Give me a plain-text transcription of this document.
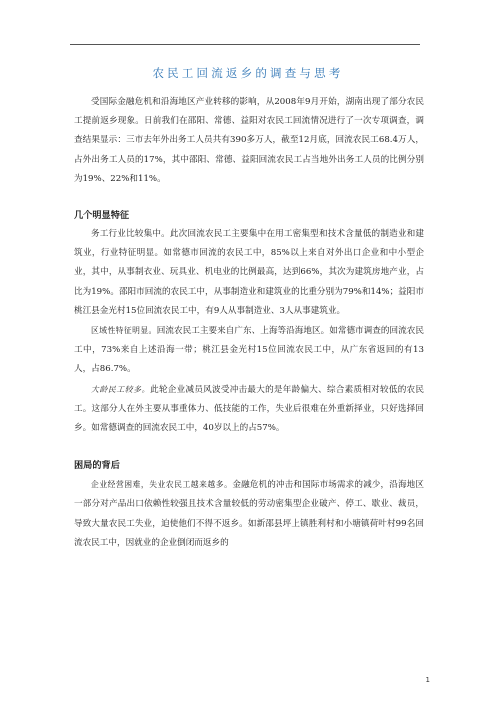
农民工回流返乡的调查与思考

受国际金融危机和沿海地区产业转移的影响，从2008年9月开始，湖南出现了部分农民工提前返乡现象。日前我们在邵阳、常德、益阳对农民工回流情况进行了一次专项调查，调查结果显示：三市去年外出务工人员共有390多万人，截至12月底，回流农民工68.4万人，占外出务工人员的17%，其中邵阳、常德、益阳回流农民工占当地外出务工人员的比例分别为19%、22%和11%。

几个明显特征

务工行业比较集中。此次回流农民工主要集中在用工密集型和技术含量低的制造业和建筑业，行业特征明显。如常德市回流的农民工中，85%以上来自对外出口企业和中小型企业，其中，从事制衣业、玩具业、机电业的比例最高，达到66%，其次为建筑房地产业，占比为19%。邵阳市回流的农民工中，从事制造业和建筑业的比重分别为79%和14%；益阳市桃江县金光村15位回流农民工中，有9人从事制造业、3人从事建筑业。

区域性特征明显。回流农民工主要来自广东、上海等沿海地区。如常德市调查的回流农民工中，73%来自上述沿海一带；桃江县金光村15位回流农民工中，从广东省返回的有13人，占86.7%。

大龄民工较多。此轮企业减员风波受冲击最大的是年龄偏大、综合素质相对较低的农民工。这部分人在外主要从事重体力、低技能的工作，失业后很难在外重新择业，只好选择回乡。如常德调查的回流农民工中，40岁以上的占57%。

困局的背后

企业经营困难，失业农民工越来越多。金融危机的冲击和国际市场需求的减少，沿海地区一部分对产品出口依赖性较强且技术含量较低的劳动密集型企业破产、停工、歇业、裁员，导致大量农民工失业，迫使他们不得不返乡。如新邵县坪上镇胜利村和小塘镇荷叶村99名回流农民工中，因就业的企业倒闭而返乡的

1
